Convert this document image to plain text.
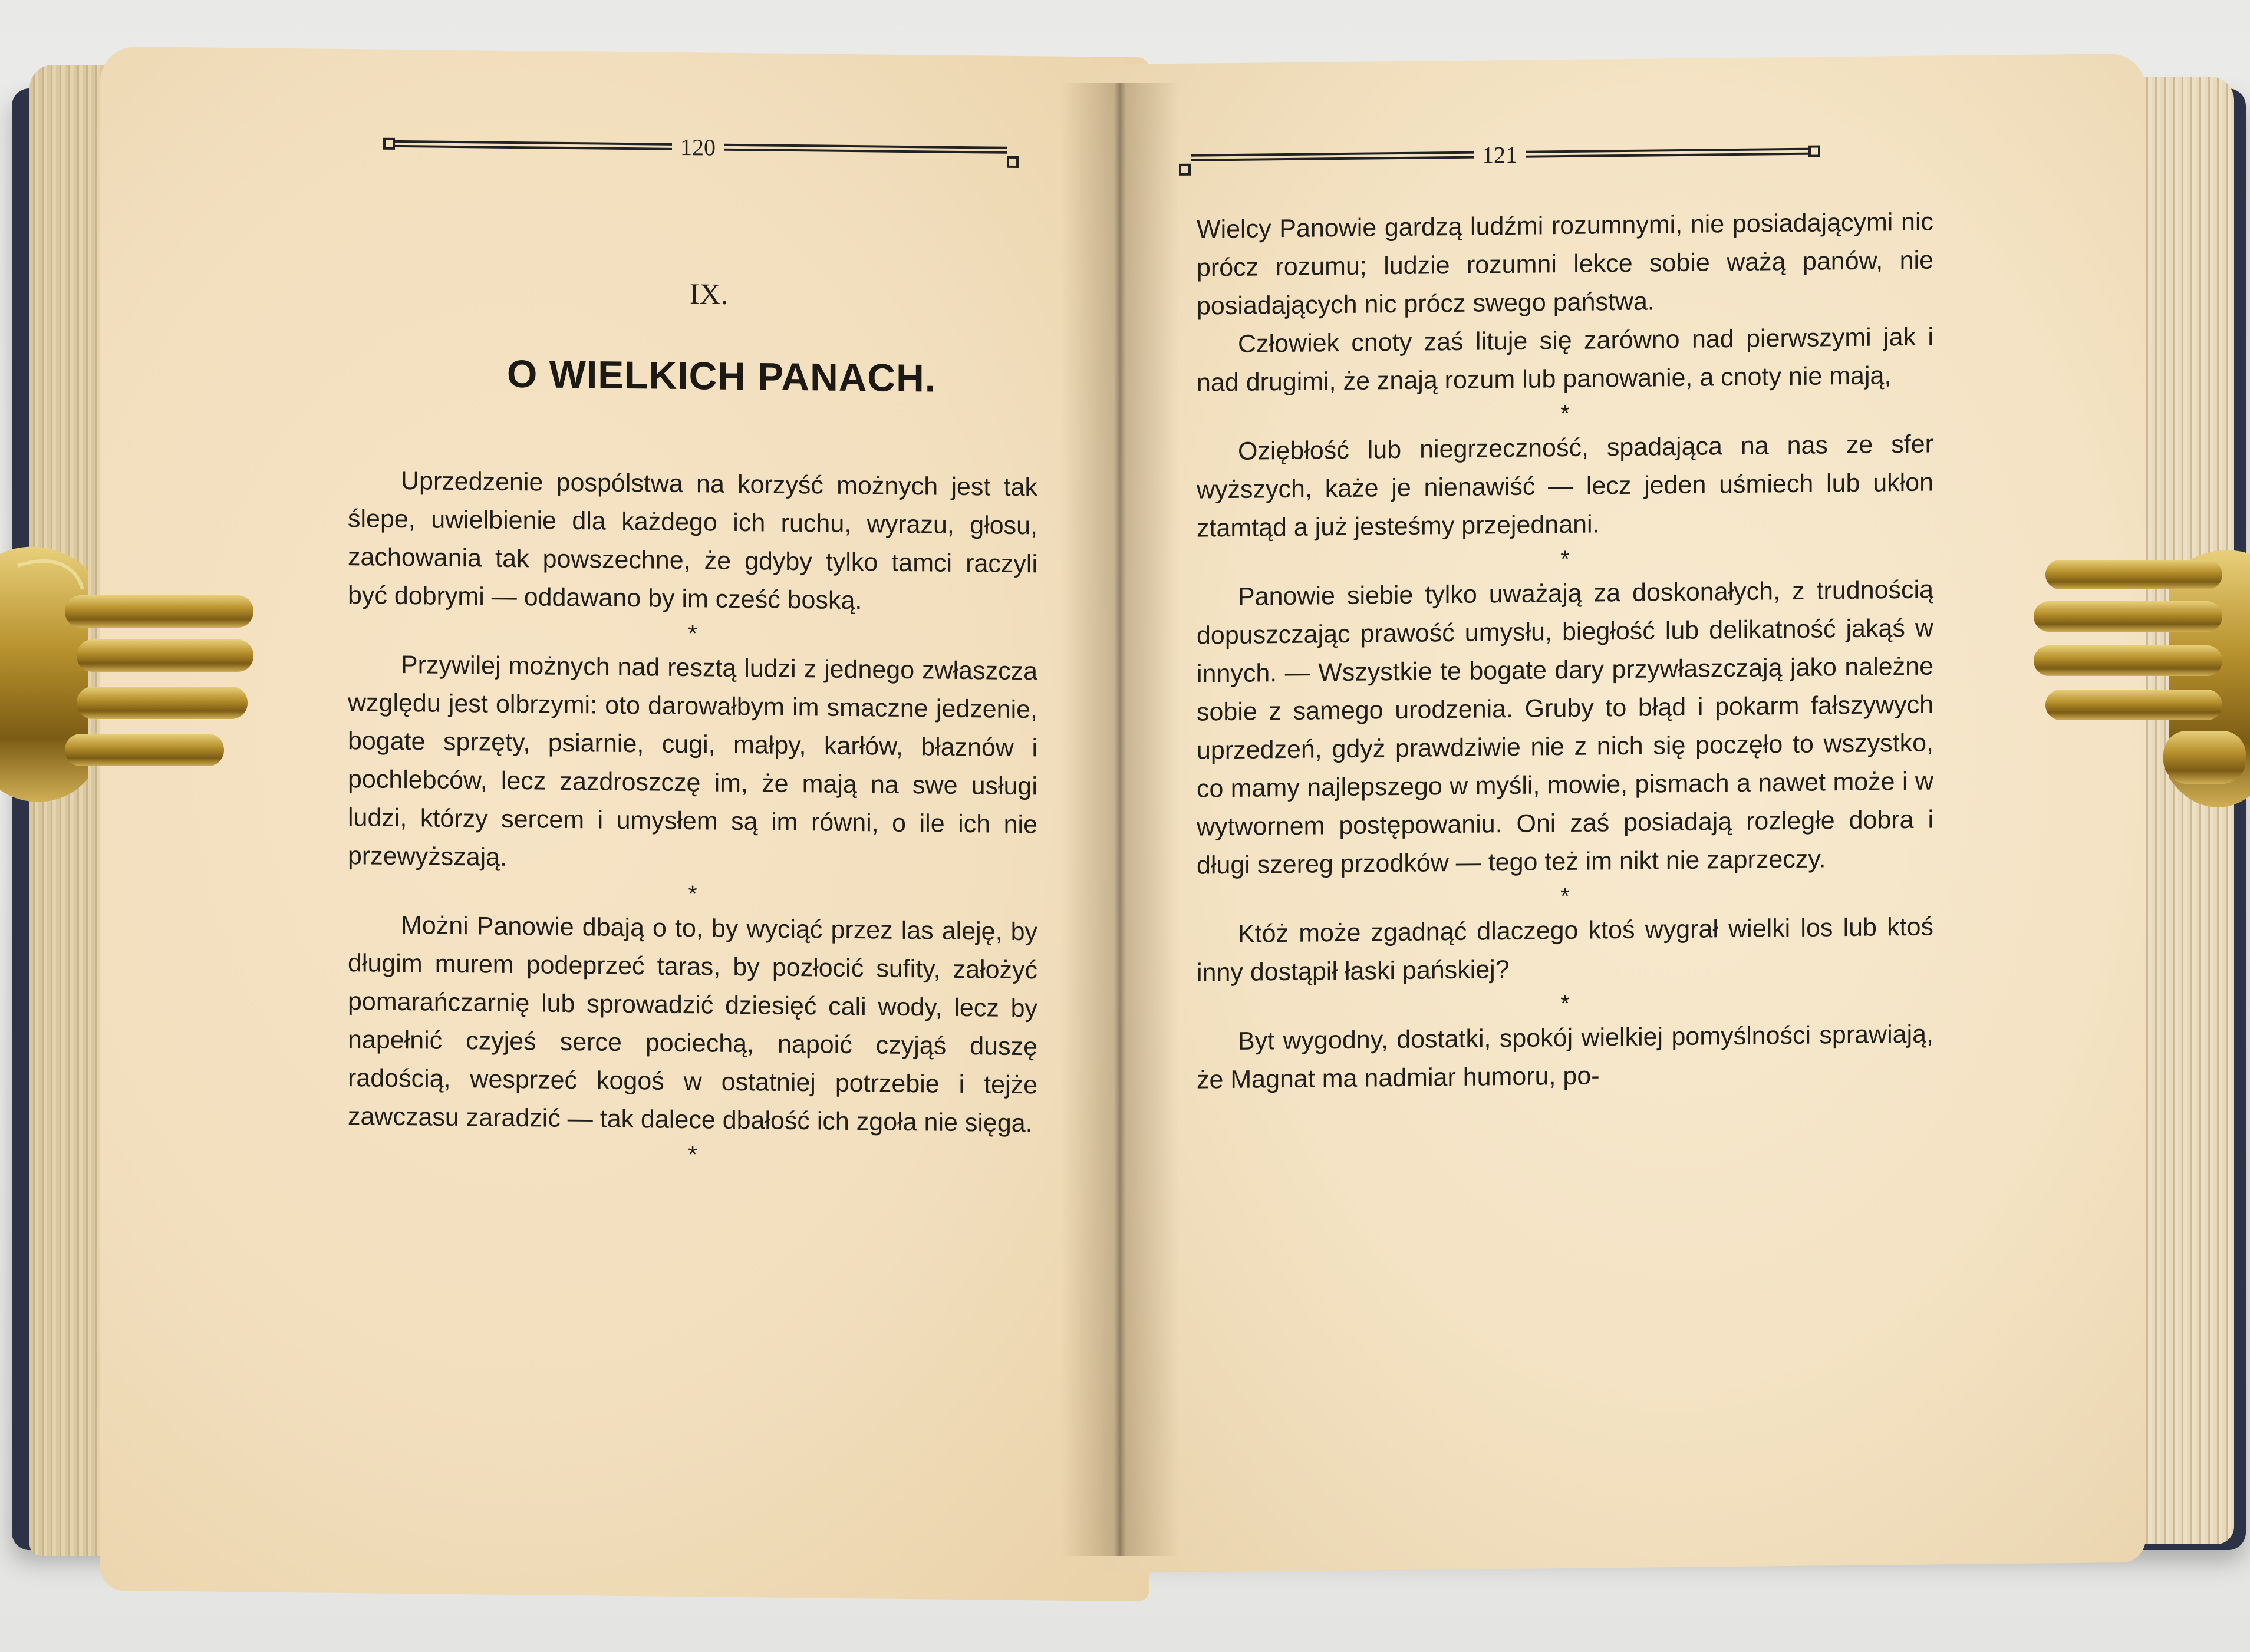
120
IX.
O WIELKICH PANACH.

Uprzedzenie pospólstwa na korzyść możnych jest tak ślepe, uwielbienie dla każdego ich ruchu, wyrazu, głosu, zachowania tak powszechne, że gdyby tylko tamci raczyli być dobrymi — oddawano by im cześć boską.

*

Przywilej możnych nad resztą ludzi z jednego zwłaszcza względu jest olbrzymi: oto darowałbym im smaczne jedzenie, bogate sprzęty, psiarnie, cugi, małpy, karłów, błaznów i pochlebców, lecz zazdroszczę im, że mają na swe usługi ludzi, którzy sercem i umysłem są im równi, o ile ich nie przewyższają.

*

Możni Panowie dbają o to, by wyciąć przez las aleję, by długim murem podeprzeć taras, by pozłocić sufity, założyć pomarańczarnię lub sprowadzić dziesięć cali wody, lecz by napełnić czyjeś serce pociechą, napoić czyjąś duszę radością, wesprzeć kogoś w ostatniej potrzebie i tejże zawczasu zaradzić — tak dalece dbałość ich zgoła nie sięga.

*

121

Wielcy Panowie gardzą ludźmi rozumnymi, nie posiadającymi nic prócz rozumu; ludzie rozumni lekce sobie ważą panów, nie posiadających nic prócz swego państwa.

Człowiek cnoty zaś lituje się zarówno nad pierwszymi jak i nad drugimi, że znają rozum lub panowanie, a cnoty nie mają,

*

Oziębłość lub niegrzeczność, spadająca na nas ze sfer wyższych, każe je nienawiść — lecz jeden uśmiech lub ukłon ztamtąd a już jesteśmy przejednani.

*

Panowie siebie tylko uważają za doskonałych, z trudnością dopuszczając prawość umysłu, biegłość lub delikatność jakąś w innych. — Wszystkie te bogate dary przywłaszczają jako należne sobie z samego urodzenia. Gruby to błąd i pokarm fałszywych uprzedzeń, gdyż prawdziwie nie z nich się poczęło to wszystko, co mamy najlepszego w myśli, mowie, pismach a nawet może i w wytwornem postępowaniu. Oni zaś posiadają rozległe dobra i długi szereg przodków — tego też im nikt nie zaprzeczy.

*

Któż może zgadnąć dlaczego ktoś wygrał wielki los lub ktoś inny dostąpił łaski pańskiej?

*

Byt wygodny, dostatki, spokój wielkiej pomyślności sprawiają, że Magnat ma nadmiar humoru, po-
